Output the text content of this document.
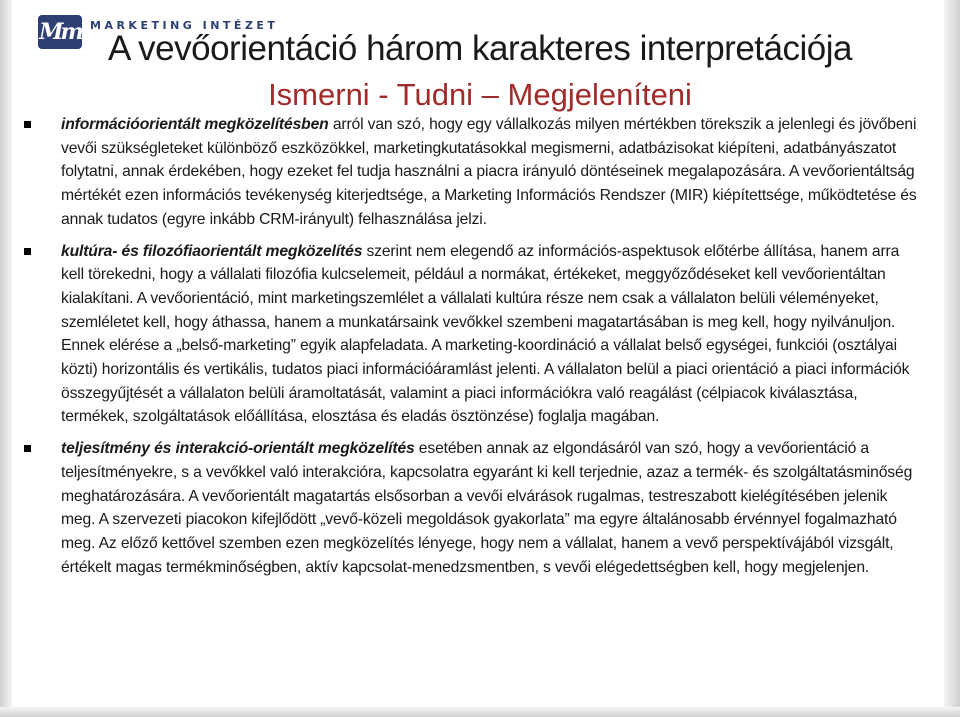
Mm MARKETING INTÉZET
A vevőorientáció három karakteres interpretációja
Ismerni - Tudni – Megjeleníteni
információorientált megközelítésben arról van szó, hogy egy vállalkozás milyen mértékben törekszik a jelenlegi és jövőbeni vevői szükségleteket különböző eszközökkel, marketingkutatásokkal megismerni, adatbázisokat kiépíteni, adatbányászatot folytatni, annak érdekében, hogy ezeket fel tudja használni a piacra irányuló döntéseinek megalapozására. A vevőorientáltság mértékét ezen információs tevékenység kiterjedtsége, a Marketing Információs Rendszer (MIR) kiépítettsége, működtetése és annak tudatos (egyre inkább CRM-irányult) felhasználása jelzi.
kultúra- és filozófiaorientált megközelítés szerint nem elegendő az információs-aspektusok előtérbe állítása, hanem arra kell törekedni, hogy a vállalati filozófia kulcselemeit, például a normákat, értékeket, meggyőződéseket kell vevőorientáltan kialakítani. A vevőorientáció, mint marketingszemlélet a vállalati kultúra része nem csak a vállalaton belüli véleményeket, szemléletet kell, hogy áthassa, hanem a munkatársaink vevőkkel szembeni magatartásában is meg kell, hogy nyilvánuljon. Ennek elérése a „belső-marketing” egyik alapfeladata. A marketing-koordináció a vállalat belső egységei, funkciói (osztályai közti) horizontális és vertikális, tudatos piaci információáramlást jelenti. A vállalaton belül a piaci orientáció a piaci információk összegyűjtését a vállalaton belüli áramoltatását, valamint a piaci információkra való reagálást (célpiacok kiválasztása, termékek, szolgáltatások előállítása, elosztása és eladás ösztönzése) foglalja magában.
teljesítmény és interakció-orientált megközelítés esetében annak az elgondásáról van szó, hogy a vevőorientáció a teljesítményekre, s a vevőkkel való interakcióra, kapcsolatra egyaránt ki kell terjednie, azaz a termék- és szolgáltatásminőség meghatározására. A vevőorientált magatartás elsősorban a vevői elvárások rugalmas, testreszabott kielégítésében jelenik meg. A szervezeti piacokon kifejlődött „vevő-közeli megoldások gyakorlata” ma egyre általánosabb érvénnyel fogalmazható meg. Az előző kettővel szemben ezen megközelítés lényege, hogy nem a vállalat, hanem a vevő perspektívájából vizsgált, értékelt magas termékminőségben, aktív kapcsolat-menedzsmentben, s vevői elégedettségben kell, hogy megjelenjen.
